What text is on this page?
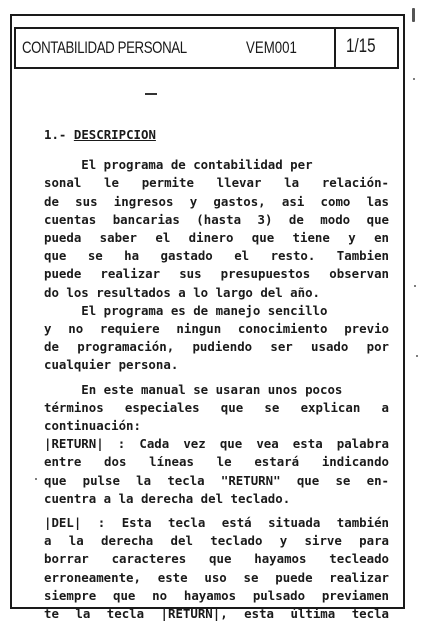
CONTABILIDAD PERSONAL	VEM001	1/15

1.- DESCRIPCION

El programa de contabilidad per
sonal le permite llevar la relación-
de sus ingresos y gastos, asi como las
cuentas bancarias (hasta 3) de modo que
pueda saber el dinero que tiene y en
que se ha gastado el resto. Tambien
puede realizar sus presupuestos observan
do los resultados a lo largo del año.

El programa es de manejo sencillo
y no requiere ningun conocimiento previo
de programación, pudiendo ser usado por
cualquier persona.

En este manual se usaran unos pocos
términos especiales que se explican a
continuación:

|RETURN| : Cada vez que vea esta palabra
entre dos líneas le estará indicando
que pulse la tecla "RETURN" que se en-
cuentra a la derecha del teclado.

|DEL| : Esta tecla está situada también
a la derecha del teclado y sirve para
borrar caracteres que hayamos tecleado
erroneamente, este uso se puede realizar
siempre que no hayamos pulsado previamen
te la tecla |RETURN|, esta última tecla
